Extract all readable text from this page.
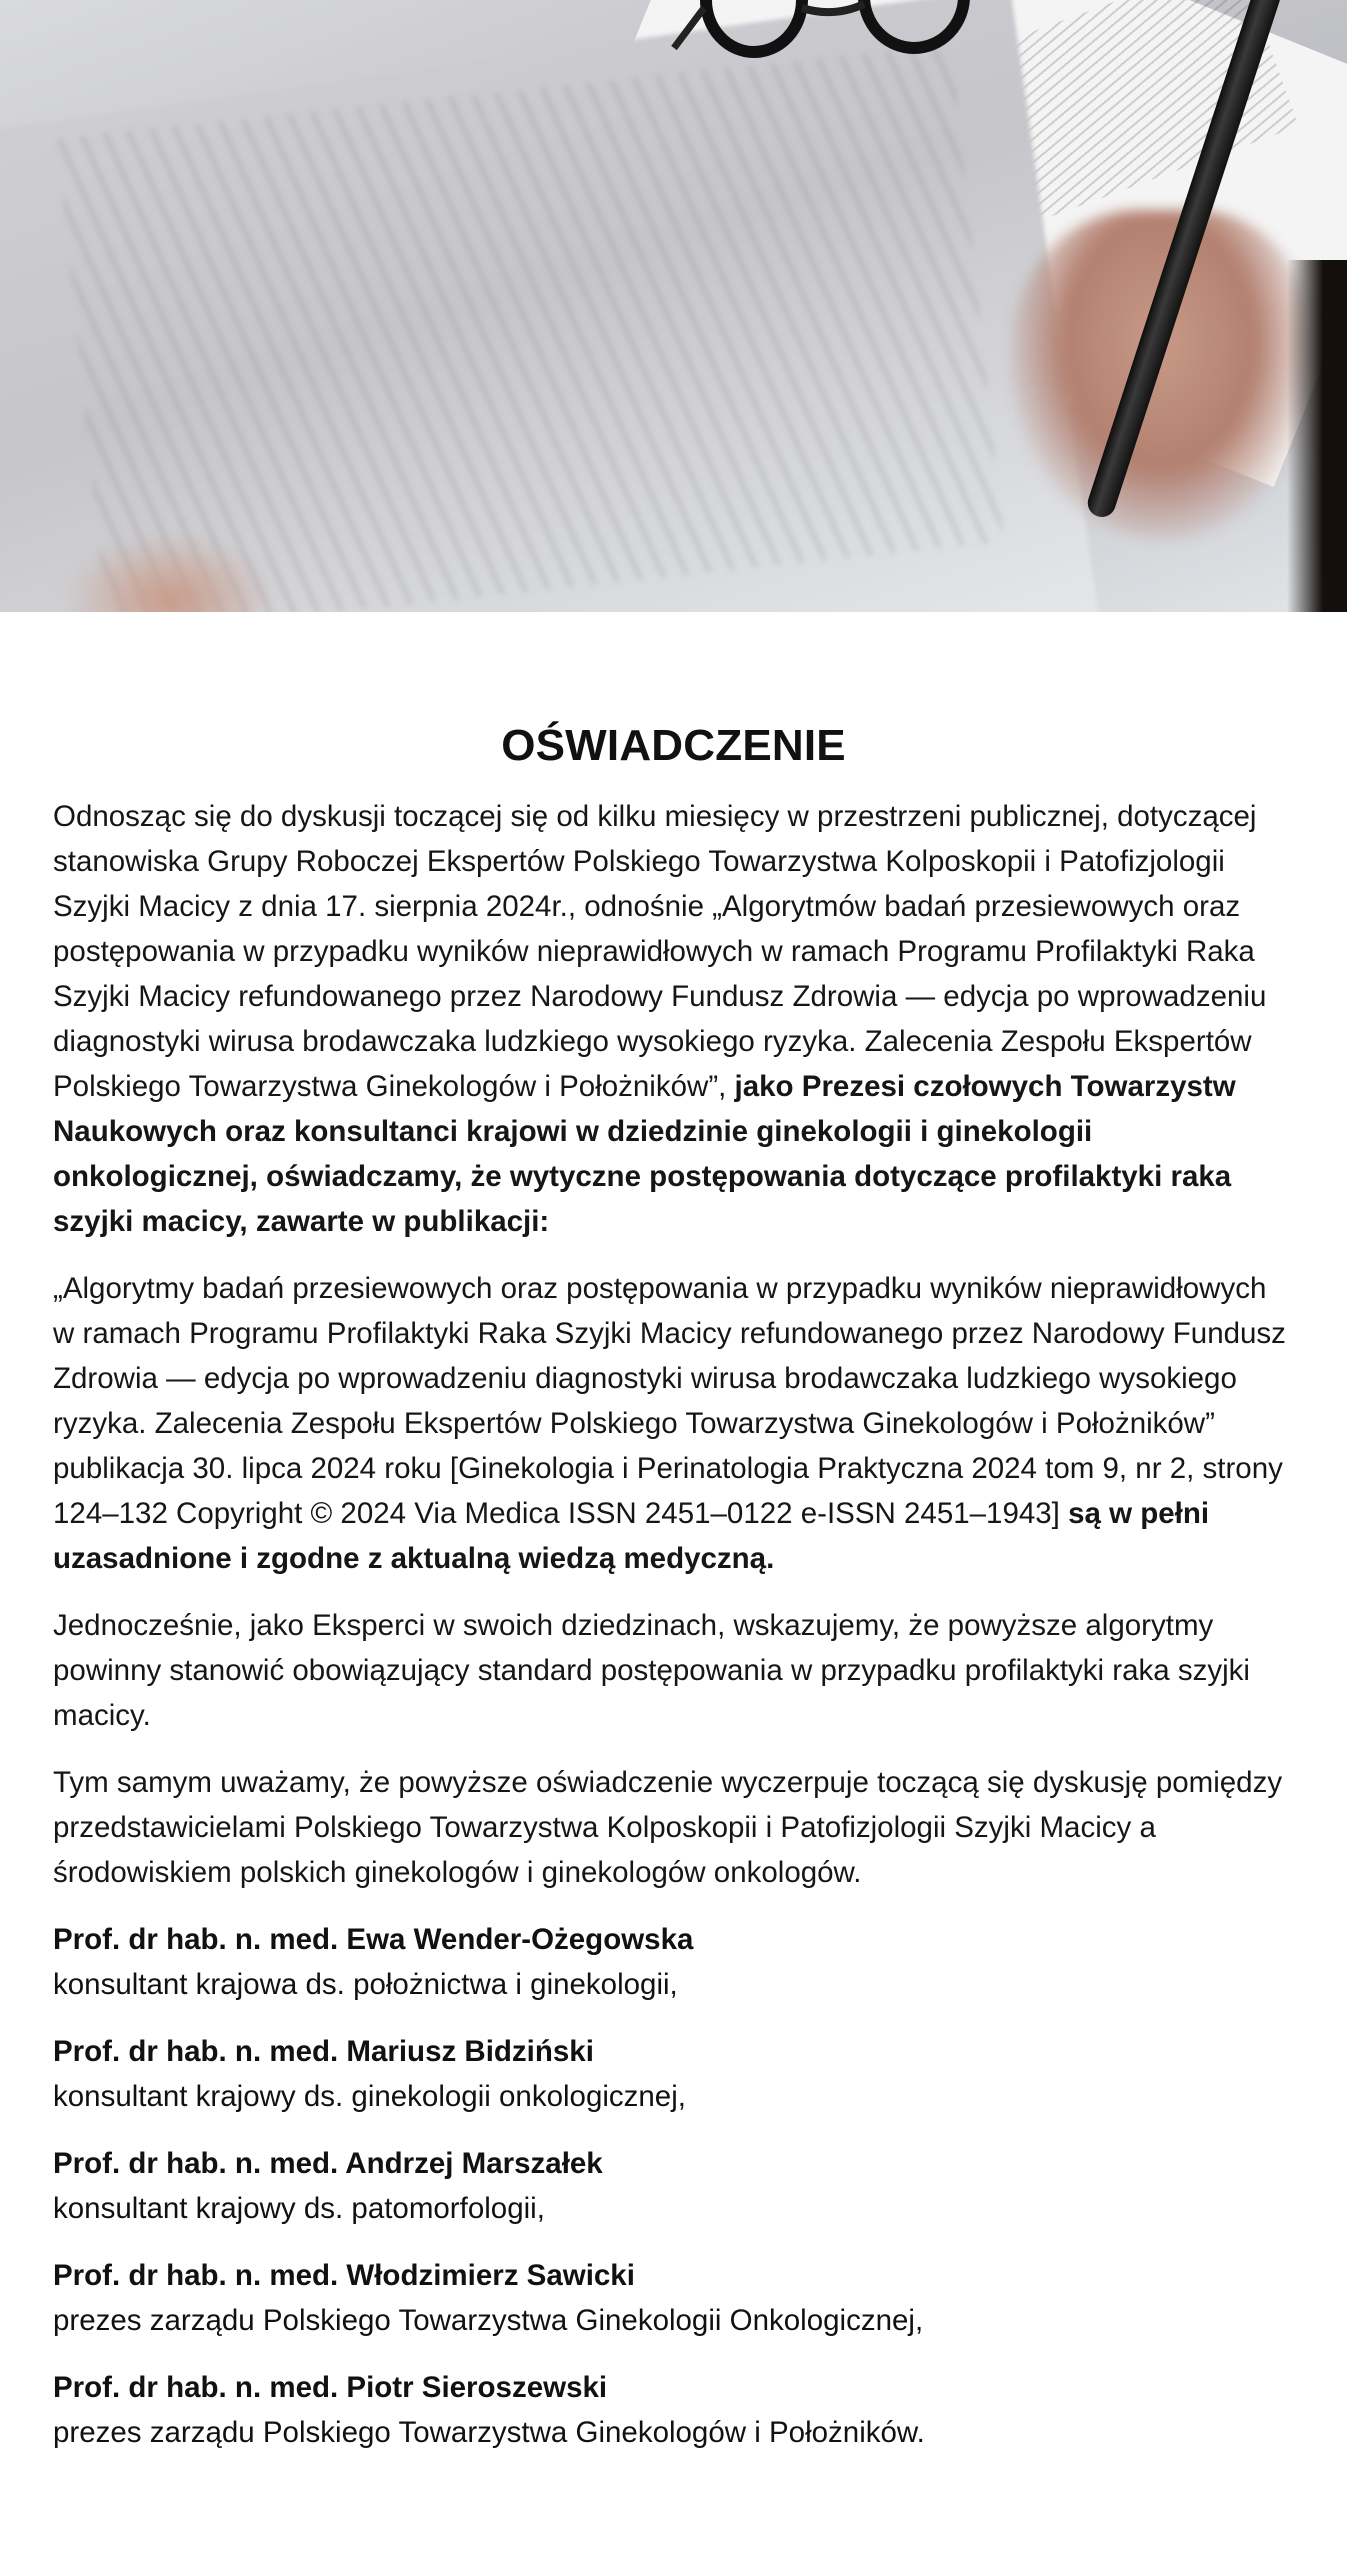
OŚWIADCZENIE

Odnosząc się do dyskusji toczącej się od kilku miesięcy w przestrzeni publicznej, dotyczącej stanowiska Grupy Roboczej Ekspertów Polskiego Towarzystwa Kolposkopii i Patofizjologii Szyjki Macicy z dnia 17. sierpnia 2024r., odnośnie „Algorytmów badań przesiewowych oraz postępowania w przypadku wyników nieprawidłowych w ramach Programu Profilaktyki Raka Szyjki Macicy refundowanego przez Narodowy Fundusz Zdrowia — edycja po wprowadzeniu diagnostyki wirusa brodawczaka ludzkiego wysokiego ryzyka. Zalecenia Zespołu Ekspertów Polskiego Towarzystwa Ginekologów i Położników”, jako Prezesi czołowych Towarzystw Naukowych oraz konsultanci krajowi w dziedzinie ginekologii i ginekologii onkologicznej, oświadczamy, że wytyczne postępowania dotyczące profilaktyki raka szyjki macicy, zawarte w publikacji:

„Algorytmy badań przesiewowych oraz postępowania w przypadku wyników nieprawidłowych w ramach Programu Profilaktyki Raka Szyjki Macicy refundowanego przez Narodowy Fundusz Zdrowia — edycja po wprowadzeniu diagnostyki wirusa brodawczaka ludzkiego wysokiego ryzyka. Zalecenia Zespołu Ekspertów Polskiego Towarzystwa Ginekologów i Położników” publikacja 30. lipca 2024 roku [Ginekologia i Perinatologia Praktyczna 2024 tom 9, nr 2, strony 124–132 Copyright © 2024 Via Medica ISSN 2451–0122 e-ISSN 2451–1943] są w pełni uzasadnione i zgodne z aktualną wiedzą medyczną.

Jednocześnie, jako Eksperci w swoich dziedzinach, wskazujemy, że powyższe algorytmy powinny stanowić obowiązujący standard postępowania w przypadku profilaktyki raka szyjki macicy.

Tym samym uważamy, że powyższe oświadczenie wyczerpuje toczącą się dyskusję pomiędzy przedstawicielami Polskiego Towarzystwa Kolposkopii i Patofizjologii Szyjki Macicy a środowiskiem polskich ginekologów i ginekologów onkologów.

Prof. dr hab. n. med. Ewa Wender-Ożegowska
konsultant krajowa ds. położnictwa i ginekologii,
Prof. dr hab. n. med. Mariusz Bidziński
konsultant krajowy ds. ginekologii onkologicznej,
Prof. dr hab. n. med. Andrzej Marszałek
konsultant krajowy ds. patomorfologii,
Prof. dr hab. n. med. Włodzimierz Sawicki
prezes zarządu Polskiego Towarzystwa Ginekologii Onkologicznej,
Prof. dr hab. n. med. Piotr Sieroszewski
prezes zarządu Polskiego Towarzystwa Ginekologów i Położników.
